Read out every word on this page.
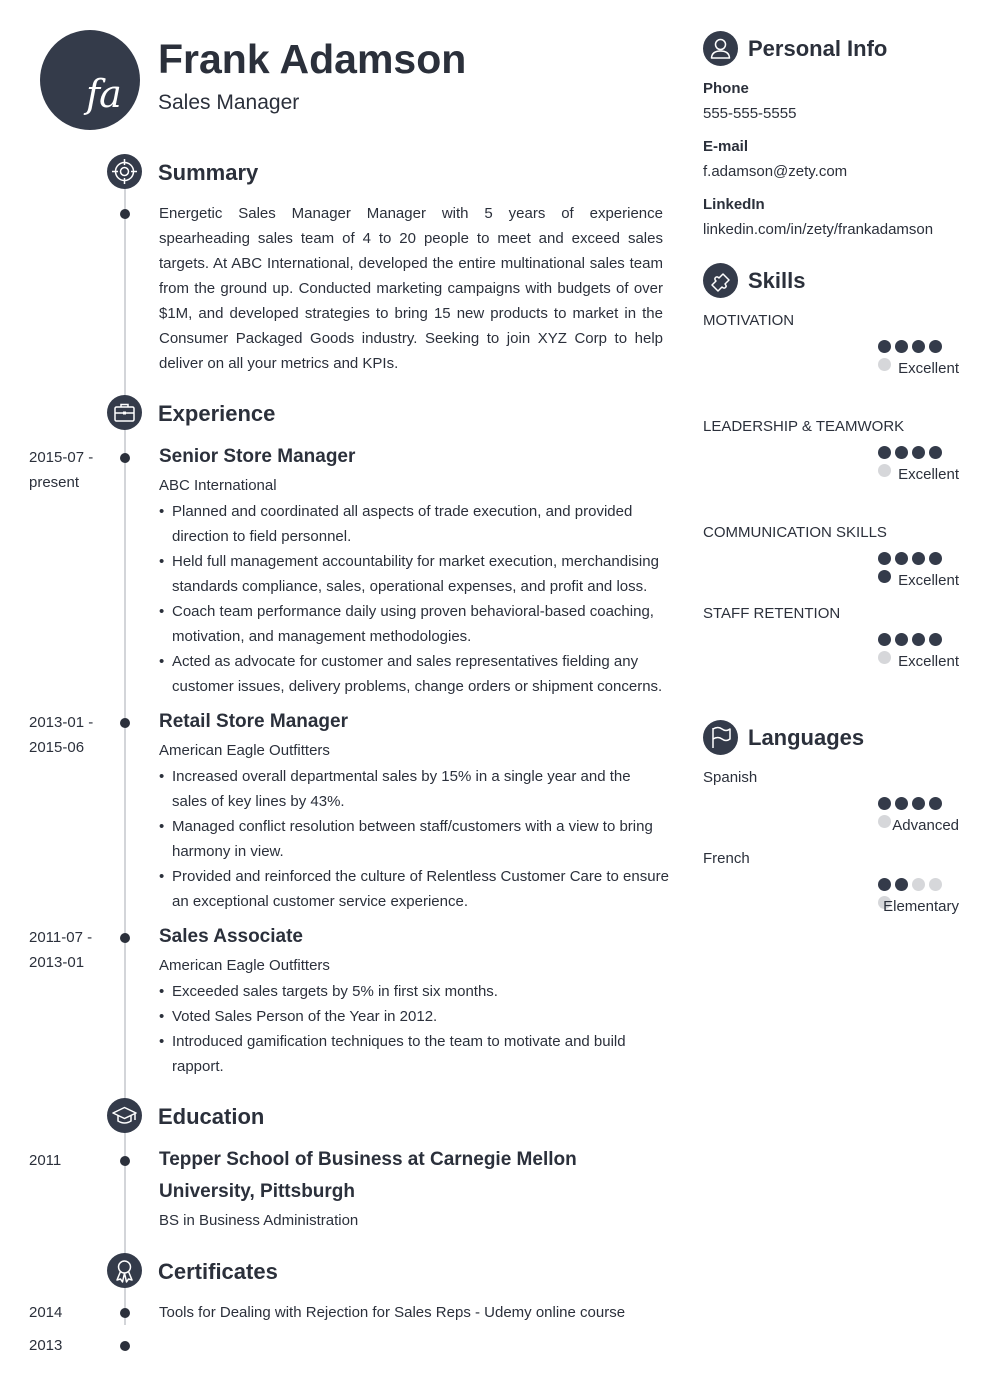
fa
Frank Adamson
Sales Manager
Summary

Energetic Sales Manager Manager with 5 years of experience spearheading sales team of 4 to 20 people to meet and exceed sales targets. At ABC International, developed the entire multinational sales team from the ground up. Conducted marketing campaigns with budgets of over $1M, and developed strategies to bring 15 new products to market in the Consumer Packaged Goods industry. Seeking to join XYZ Corp to help deliver on all your metrics and KPIs.

Experience
2015-07 -
present
Senior Store Manager
ABC International
• Planned and coordinated all aspects of trade execution, and provided direction to field personnel.
• Held full management accountability for market execution, merchandising standards compliance, sales, operational expenses, and profit and loss.
• Coach team performance daily using proven behavioral-based coaching, motivation, and management methodologies.
• Acted as advocate for customer and sales representatives fielding any customer issues, delivery problems, change orders or shipment concerns.
2013-01 -
2015-06
Retail Store Manager
American Eagle Outfitters
• Increased overall departmental sales by 15% in a single year and the sales of key lines by 43%.
• Managed conflict resolution between staff/customers with a view to bring harmony in view.
• Provided and reinforced the culture of Relentless Customer Care to ensure an exceptional customer service experience.
2011-07 -
2013-01
Sales Associate
American Eagle Outfitters
• Exceeded sales targets by 5% in first six months.
• Voted Sales Person of the Year in 2012.
• Introduced gamification techniques to the team to motivate and build rapport.
Education
2011	Tepper School of Business at Carnegie Mellon
University, Pittsburgh
BS in Business Administration
Certificates
2014	Tools for Dealing with Rejection for Sales Reps - Udemy online course
2013
Personal Info
Phone
555-555-5555
E-mail
f.adamson@zety.com
LinkedIn
linkedin.com/in/zety/frankadamson
Skills
MOTIVATION
Excellent
LEADERSHIP & TEAMWORK
Excellent
COMMUNICATION SKILLS
Excellent
STAFF RETENTION
Excellent
Languages
Spanish
Advanced
French
Elementary
